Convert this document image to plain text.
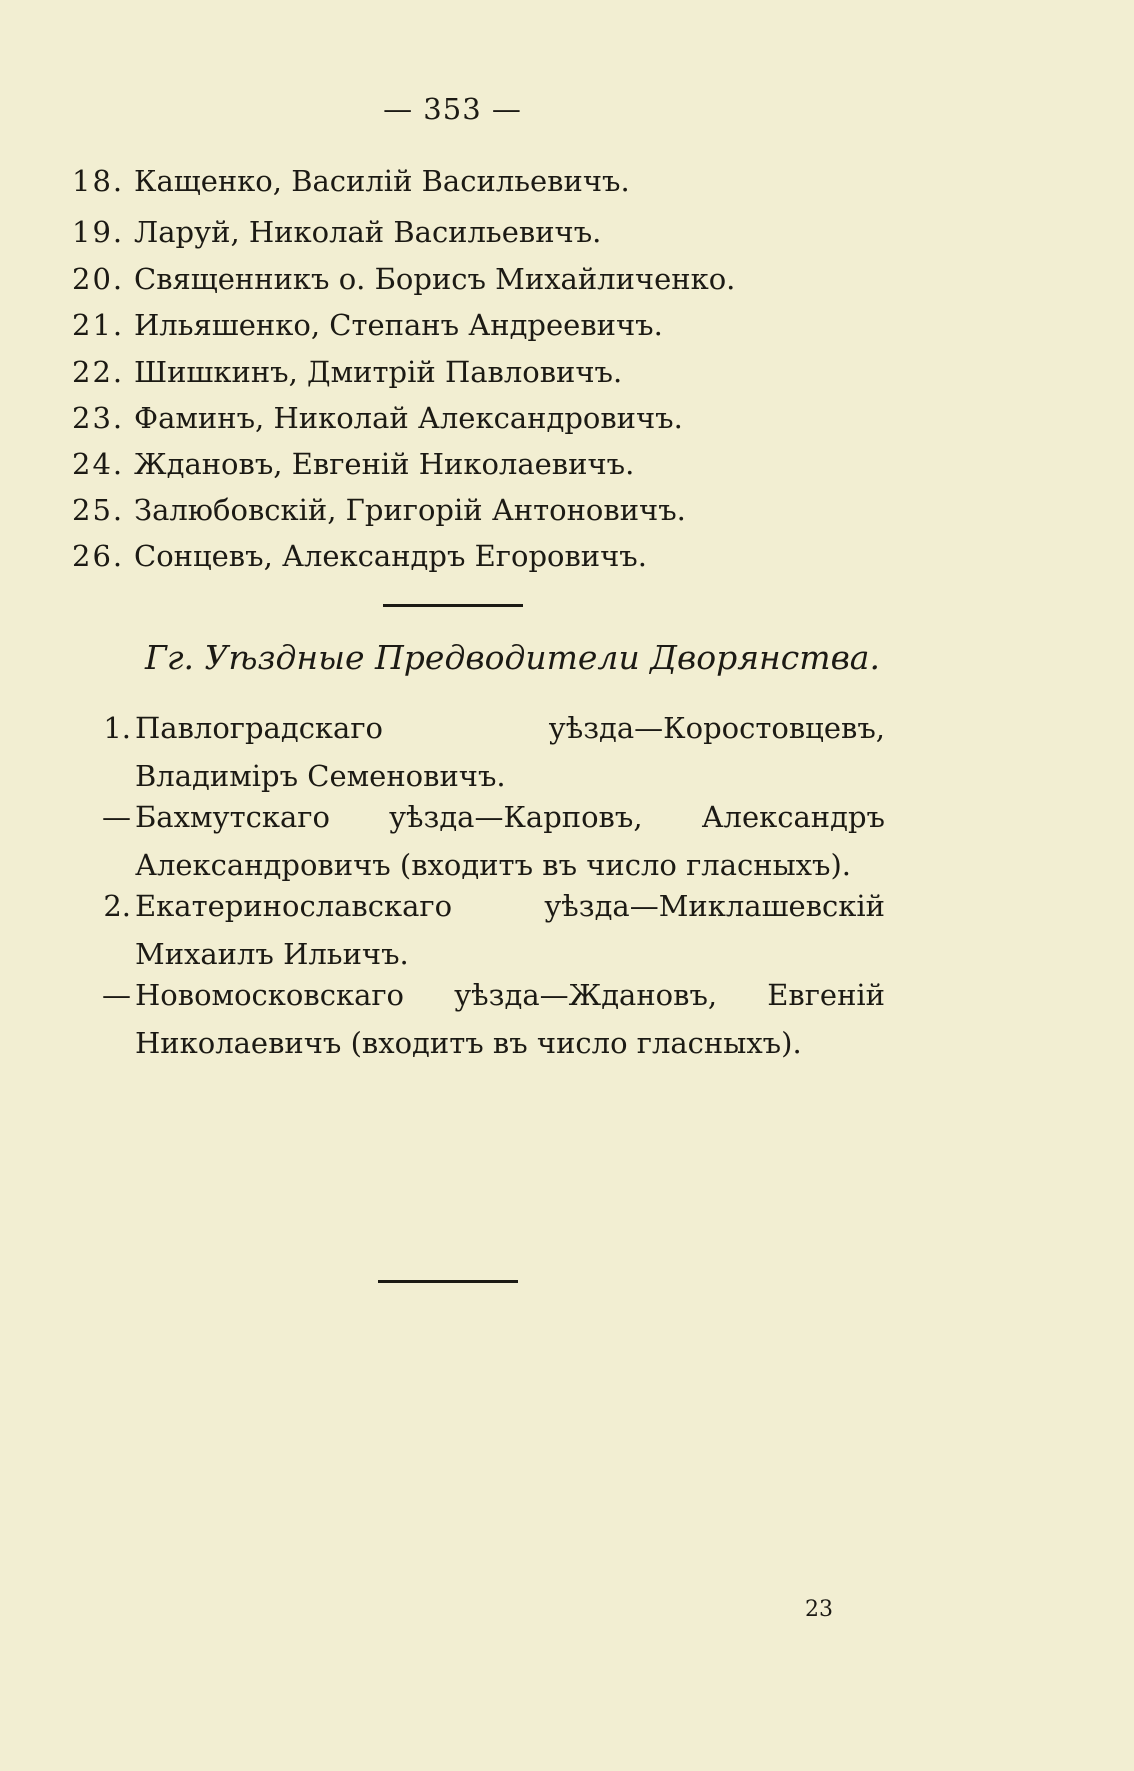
— 353 —
18. Кащенко, Василій Васильевичъ.
19. Ларуй, Николай Васильевичъ.
20. Священникъ о. Борисъ Михайличенко.
21. Ильяшенко, Степанъ Андреевичъ.
22. Шишкинъ, Дмитрій Павловичъ.
23. Фаминъ, Николай Александровичъ.
24. Ждановъ, Евгеній Николаевичъ.
25. Залюбовскій, Григорій Антоновичъ.
26. Сонцевъ, Александръ Егоровичъ.
Гг. Уѣздные Предводители Дворянства.
1. Павлоградскаго уѣзда—Коростовцевъ, Владиміръ Семеновичъ.
— Бахмутскаго уѣзда—Карповъ, Александръ Александровичъ (входитъ въ число гласныхъ).
2. Екатеринославскаго уѣзда—Миклашевскій Михаилъ Ильичъ.
— Новомосковскаго уѣзда—Ждановъ, Евгеній Николаевичъ (входитъ въ число гласныхъ).
23
